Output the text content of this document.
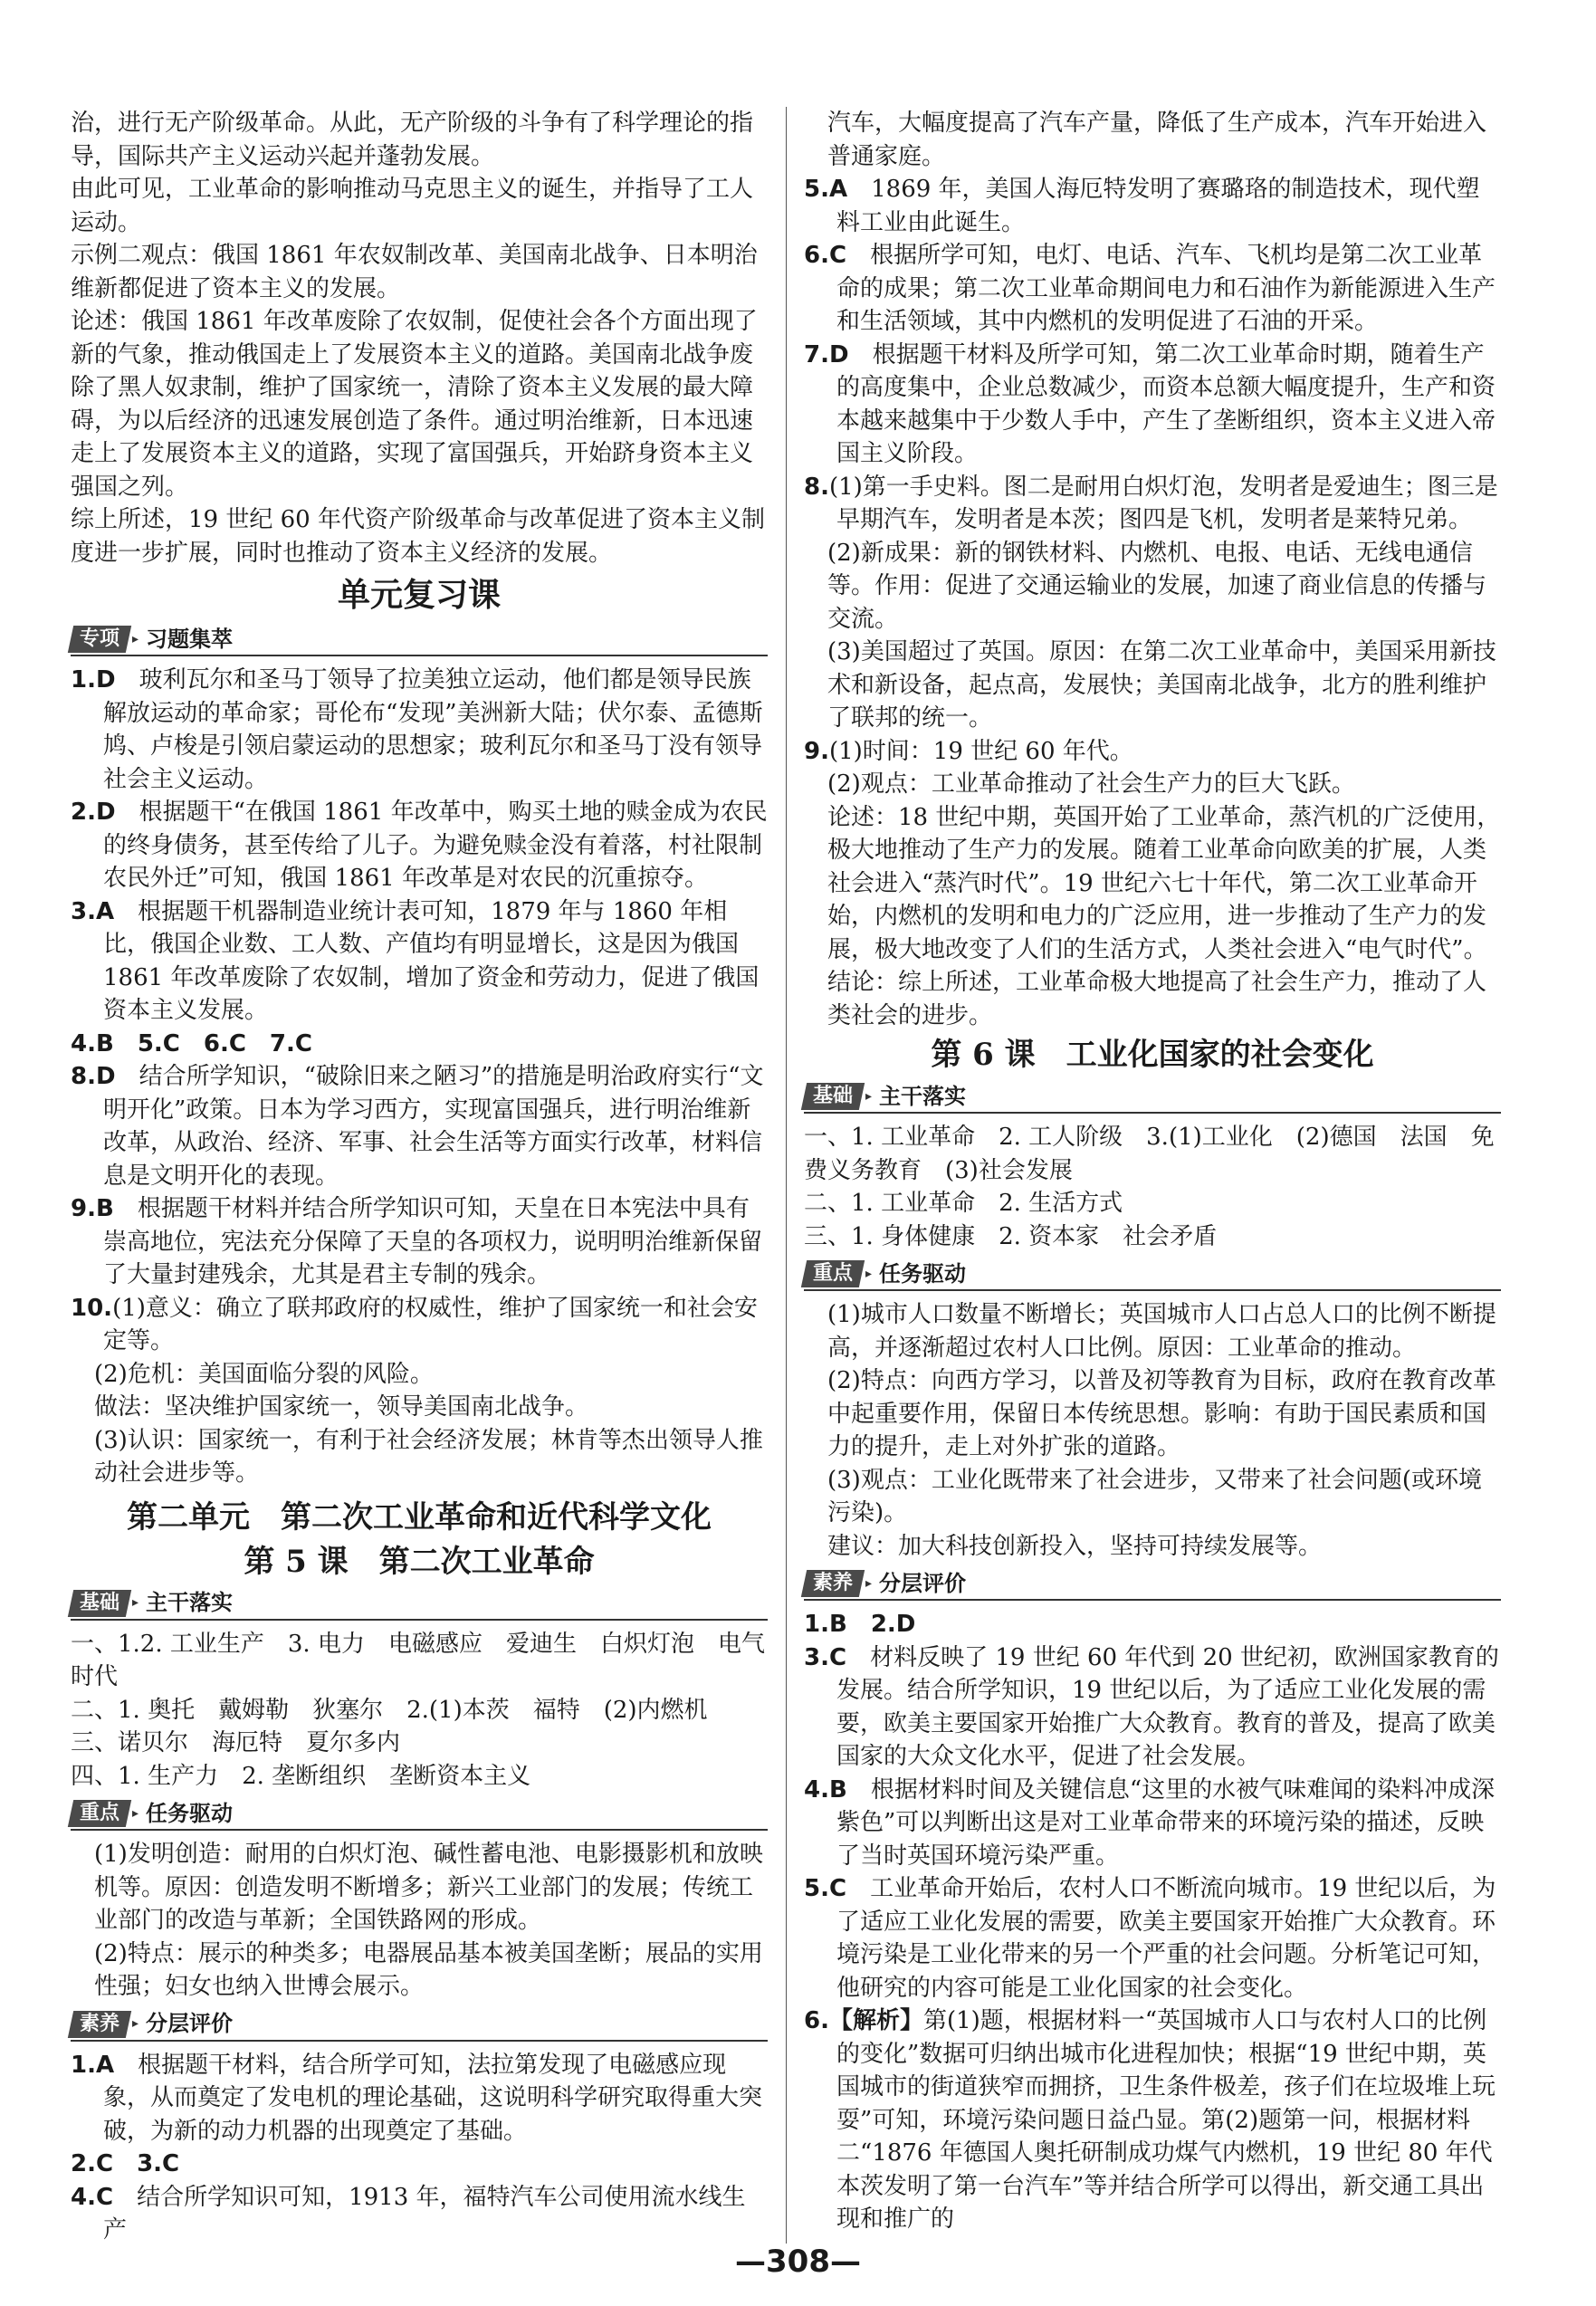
治，进行无产阶级革命。从此，无产阶级的斗争有了科学理论的指导，国际共产主义运动兴起并蓬勃发展。

由此可见，工业革命的影响推动马克思主义的诞生，并指导了工人运动。

示例二观点：俄国 1861 年农奴制改革、美国南北战争、日本明治维新都促进了资本主义的发展。

论述：俄国 1861 年改革废除了农奴制，促使社会各个方面出现了新的气象，推动俄国走上了发展资本主义的道路。美国南北战争废除了黑人奴隶制，维护了国家统一，清除了资本主义发展的最大障碍，为以后经济的迅速发展创造了条件。通过明治维新，日本迅速走上了发展资本主义的道路，实现了富国强兵，开始跻身资本主义强国之列。

综上所述，19 世纪 60 年代资产阶级革命与改革促进了资本主义制度进一步扩展，同时也推动了资本主义经济的发展。

单元复习课
专项	▸ 习题集萃

1.D　 玻利瓦尔和圣马丁领导了拉美独立运动，他们都是领导民族解放运动的革命家；哥伦布“发现”美洲新大陆；伏尔泰、孟德斯鸠、卢梭是引领启蒙运动的思想家；玻利瓦尔和圣马丁没有领导社会主义运动。

2.D　 根据题干“在俄国 1861 年改革中，购买土地的赎金成为农民的终身债务，甚至传给了儿子。为避免赎金没有着落，村社限制农民外迁”可知，俄国 1861 年改革是对农民的沉重掠夺。

3.A　 根据题干机器制造业统计表可知，1879 年与 1860 年相比，俄国企业数、工人数、产值均有明显增长，这是因为俄国 1861 年改革废除了农奴制，增加了资金和劳动力，促进了俄国资本主义发展。

4.B　 5.C　6.C　7.C

8.D　 结合所学知识，“破除旧来之陋习”的措施是明治政府实行“文明开化”政策。日本为学习西方，实现富国强兵，进行明治维新改革，从政治、经济、军事、社会生活等方面实行改革，材料信息是文明开化的表现。

9.B　 根据题干材料并结合所学知识可知，天皇在日本宪法中具有崇高地位，宪法充分保障了天皇的各项权力，说明明治维新保留了大量封建残余，尤其是君主专制的残余。

10.(1)意义：确立了联邦政府的权威性，维护了国家统一和社会安定等。

(2)危机：美国面临分裂的风险。

做法：坚决维护国家统一，领导美国南北战争。

(3)认识：国家统一，有利于社会经济发展；林肯等杰出领导人推动社会进步等。

第二单元　第二次工业革命和近代科学文化
第 5 课　第二次工业革命
基础	▸ 主干落实

一、1.2. 工业生产　3. 电力　电磁感应　爱迪生　白炽灯泡　电气时代

二、1. 奥托　戴姆勒　狄塞尔　2.(1)本茨　福特　(2)内燃机

三、诺贝尔　海厄特　夏尔多内

四、1. 生产力　2. 垄断组织　垄断资本主义

重点	▸ 任务驱动

(1)发明创造：耐用的白炽灯泡、碱性蓄电池、电影摄影机和放映机等。原因：创造发明不断增多；新兴工业部门的发展；传统工业部门的改造与革新；全国铁路网的形成。

(2)特点：展示的种类多；电器展品基本被美国垄断；展品的实用性强；妇女也纳入世博会展示。

素养	▸ 分层评价

1.A　 根据题干材料，结合所学可知，法拉第发现了电磁感应现象，从而奠定了发电机的理论基础，这说明科学研究取得重大突破，为新的动力机器的出现奠定了基础。

2.C　 3.C

4.C　 结合所学知识可知，1913 年，福特汽车公司使用流水线生产

汽车，大幅度提高了汽车产量，降低了生产成本，汽车开始进入普通家庭。

5.A　 1869 年，美国人海厄特发明了赛璐珞的制造技术，现代塑料工业由此诞生。

6.C　 根据所学可知，电灯、电话、汽车、飞机均是第二次工业革命的成果；第二次工业革命期间电力和石油作为新能源进入生产和生活领域，其中内燃机的发明促进了石油的开采。

7.D　 根据题干材料及所学可知，第二次工业革命时期，随着生产的高度集中，企业总数减少，而资本总额大幅度提升，生产和资本越来越集中于少数人手中，产生了垄断组织，资本主义进入帝国主义阶段。

8.(1)第一手史料。图二是耐用白炽灯泡，发明者是爱迪生；图三是早期汽车，发明者是本茨；图四是飞机，发明者是莱特兄弟。

(2)新成果：新的钢铁材料、内燃机、电报、电话、无线电通信等。作用：促进了交通运输业的发展，加速了商业信息的传播与交流。

(3)美国超过了英国。原因：在第二次工业革命中，美国采用新技术和新设备，起点高，发展快；美国南北战争，北方的胜利维护了联邦的统一。

9.(1)时间：19 世纪 60 年代。

(2)观点：工业革命推动了社会生产力的巨大飞跃。

论述：18 世纪中期，英国开始了工业革命，蒸汽机的广泛使用，极大地推动了生产力的发展。随着工业革命向欧美的扩展，人类社会进入“蒸汽时代”。19 世纪六七十年代，第二次工业革命开始，内燃机的发明和电力的广泛应用，进一步推动了生产力的发展，极大地改变了人们的生活方式，人类社会进入“电气时代”。

结论：综上所述，工业革命极大地提高了社会生产力，推动了人类社会的进步。

第 6 课　工业化国家的社会变化
基础	▸ 主干落实

一、1. 工业革命　2. 工人阶级　3.(1)工业化　(2)德国　法国　免费义务教育　(3)社会发展

二、1. 工业革命　2. 生活方式

三、1. 身体健康　2. 资本家　社会矛盾

重点	▸ 任务驱动

(1)城市人口数量不断增长；英国城市人口占总人口的比例不断提高，并逐渐超过农村人口比例。原因：工业革命的推动。

(2)特点：向西方学习，以普及初等教育为目标，政府在教育改革中起重要作用，保留日本传统思想。影响：有助于国民素质和国力的提升，走上对外扩张的道路。

(3)观点：工业化既带来了社会进步，又带来了社会问题(或环境污染)。

建议：加大科技创新投入，坚持可持续发展等。

素养	▸ 分层评价

1.B　 2.D

3.C　 材料反映了 19 世纪 60 年代到 20 世纪初，欧洲国家教育的发展。结合所学知识，19 世纪以后，为了适应工业化发展的需要，欧美主要国家开始推广大众教育。教育的普及，提高了欧美国家的大众文化水平，促进了社会发展。

4.B　 根据材料时间及关键信息“这里的水被气味难闻的染料冲成深紫色”可以判断出这是对工业革命带来的环境污染的描述，反映了当时英国环境污染严重。

5.C　 工业革命开始后，农村人口不断流向城市。19 世纪以后，为了适应工业化发展的需要，欧美主要国家开始推广大众教育。环境污染是工业化带来的另一个严重的社会问题。分析笔记可知，他研究的内容可能是工业化国家的社会变化。

6.【解析】第(1)题，根据材料一“英国城市人口与农村人口的比例的变化”数据可归纳出城市化进程加快；根据“19 世纪中期，英国城市的街道狭窄而拥挤，卫生条件极差，孩子们在垃圾堆上玩耍”可知，环境污染问题日益凸显。第(2)题第一问，根据材料二“1876 年德国人奥托研制成功煤气内燃机，19 世纪 80 年代本茨发明了第一台汽车”等并结合所学可以得出，新交通工具出现和推广的

—308—
